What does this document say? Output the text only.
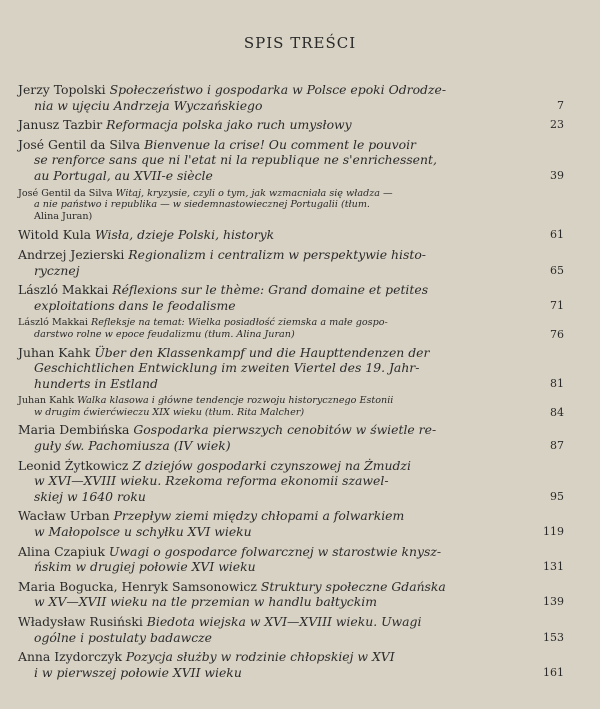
SPIS TREŚCI
Jerzy Topolski Społeczeństwo i gospodarka w Polsce epoki Odrodze-
nia w ujęciu Andrzeja Wyczańskiego	7
Janusz Tazbir Reformacja polska jako ruch umysłowy	23
José Gentil da Silva Bienvenue la crise! Ou comment le pouvoir
se renforce sans que ni l'etat ni la republique ne s'enrichessent,
au Portugal, au XVII-e siècle	39
José Gentil da Silva Witaj, kryzysie, czyli o tym, jak wzmacniała się władza —
a nie państwo i republika — w siedemnastowiecznej Portugalii (tłum.
Alina Juran)
Witold Kula Wisła, dzieje Polski, historyk	61
Andrzej Jezierski Regionalizm i centralizm w perspektywie histo-
rycznej	65
László Makkai Réflexions sur le thème: Grand domaine et petites
exploitations dans le feodalisme	71
László Makkai Refleksje na temat: Wielka posiadłość ziemska a małe gospo-
darstwo rolne w epoce feudalizmu (tłum. Alina Juran)	76
Juhan Kahk Über den Klassenkampf und die Haupttendenzen der
Geschichtlichen Entwicklung im zweiten Viertel des 19. Jahr-
hunderts in Estland	81
Juhan Kahk Walka klasowa i główne tendencje rozwoju historycznego Estonii
w drugim ćwierćwieczu XIX wieku (tłum. Rita Malcher)	84
Maria Dembińska Gospodarka pierwszych cenobitów w świetle re-
guły św. Pachomiusza (IV wiek)	87
Leonid Żytkowicz Z dziejów gospodarki czynszowej na Żmudzi
w XVI—XVIII wieku. Rzekoma reforma ekonomii szawel-
skiej w 1640 roku	95
Wacław Urban Przepływ ziemi między chłopami a folwarkiem
w Małopolsce u schyłku XVI wieku	119
Alina Czapiuk Uwagi o gospodarce folwarcznej w starostwie knysz-
ńskim w drugiej połowie XVI wieku	131
Maria Bogucka, Henryk Samsonowicz Struktury społeczne Gdańska
w XV—XVII wieku na tle przemian w handlu bałtyckim	139
Władysław Rusiński Biedota wiejska w XVI—XVIII wieku. Uwagi
ogólne i postulaty badawcze	153
Anna Izydorczyk Pozycja służby w rodzinie chłopskiej w XVI
i w pierwszej połowie XVII wieku	161
